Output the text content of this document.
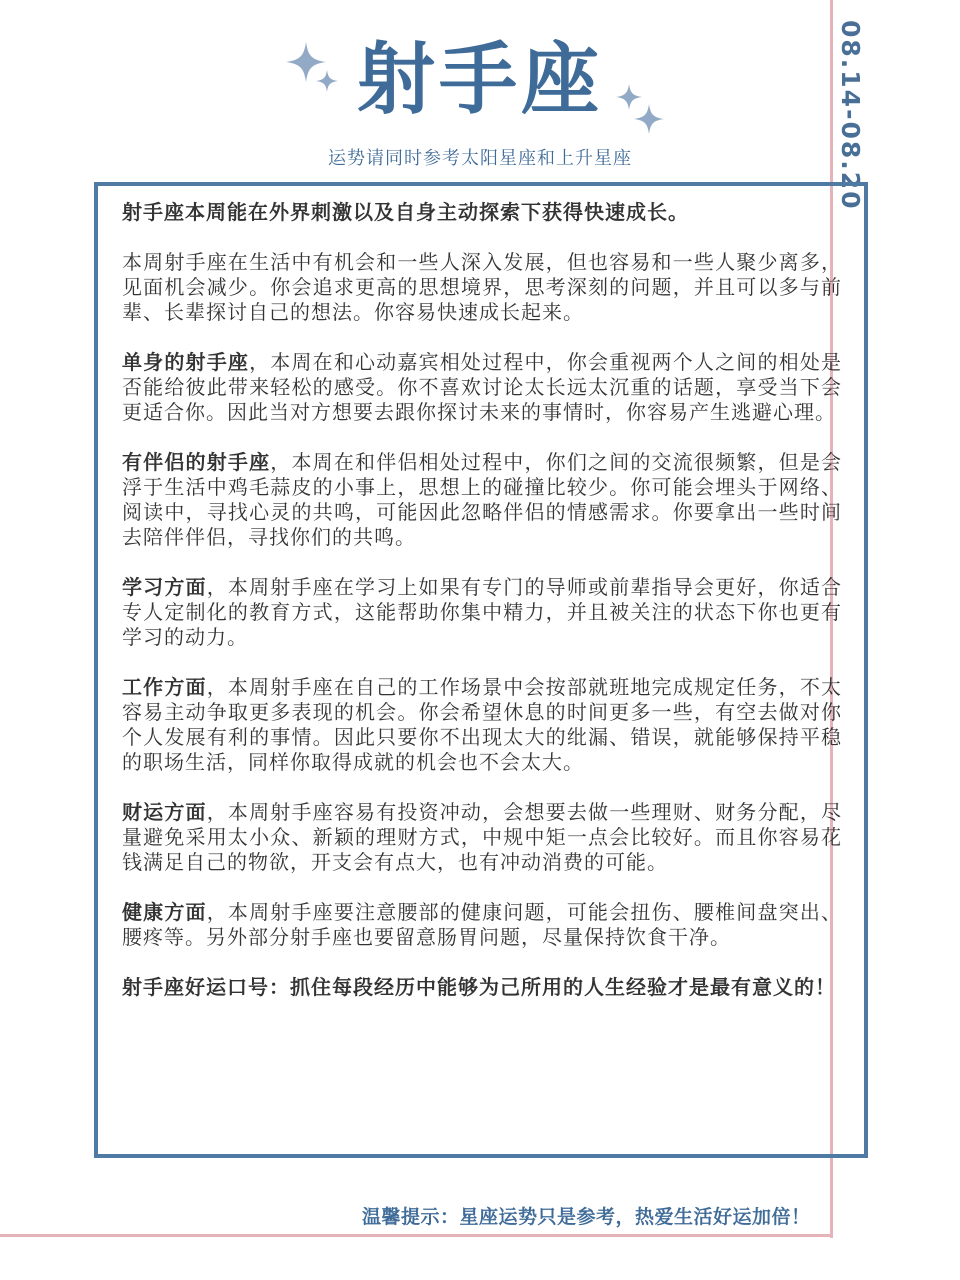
08.14-08.20
射手座
运势请同时参考太阳星座和上升星座

射手座本周能在外界刺激以及自身主动探索下获得快速成长。

本周射手座在生活中有机会和一些人深入发展，但也容易和一些人聚少离多，见面机会减少。你会追求更高的思想境界，思考深刻的问题，并且可以多与前辈、长辈探讨自己的想法。你容易快速成长起来。

单身的射手座，本周在和心动嘉宾相处过程中，你会重视两个人之间的相处是否能给彼此带来轻松的感受。你不喜欢讨论太长远太沉重的话题，享受当下会更适合你。因此当对方想要去跟你探讨未来的事情时，你容易产生逃避心理。

有伴侣的射手座，本周在和伴侣相处过程中，你们之间的交流很频繁，但是会浮于生活中鸡毛蒜皮的小事上，思想上的碰撞比较少。你可能会埋头于网络、阅读中，寻找心灵的共鸣，可能因此忽略伴侣的情感需求。你要拿出一些时间去陪伴伴侣，寻找你们的共鸣。

学习方面，本周射手座在学习上如果有专门的导师或前辈指导会更好，你适合专人定制化的教育方式，这能帮助你集中精力，并且被关注的状态下你也更有学习的动力。

工作方面，本周射手座在自己的工作场景中会按部就班地完成规定任务，不太容易主动争取更多表现的机会。你会希望休息的时间更多一些，有空去做对你个人发展有利的事情。因此只要你不出现太大的纰漏、错误，就能够保持平稳的职场生活，同样你取得成就的机会也不会太大。

财运方面，本周射手座容易有投资冲动，会想要去做一些理财、财务分配，尽量避免采用太小众、新颖的理财方式，中规中矩一点会比较好。而且你容易花钱满足自己的物欲，开支会有点大，也有冲动消费的可能。

健康方面，本周射手座要注意腰部的健康问题，可能会扭伤、腰椎间盘突出、腰疼等。另外部分射手座也要留意肠胃问题，尽量保持饮食干净。

射手座好运口号：抓住每段经历中能够为己所用的人生经验才是最有意义的！

温馨提示：星座运势只是参考，热爱生活好运加倍！
